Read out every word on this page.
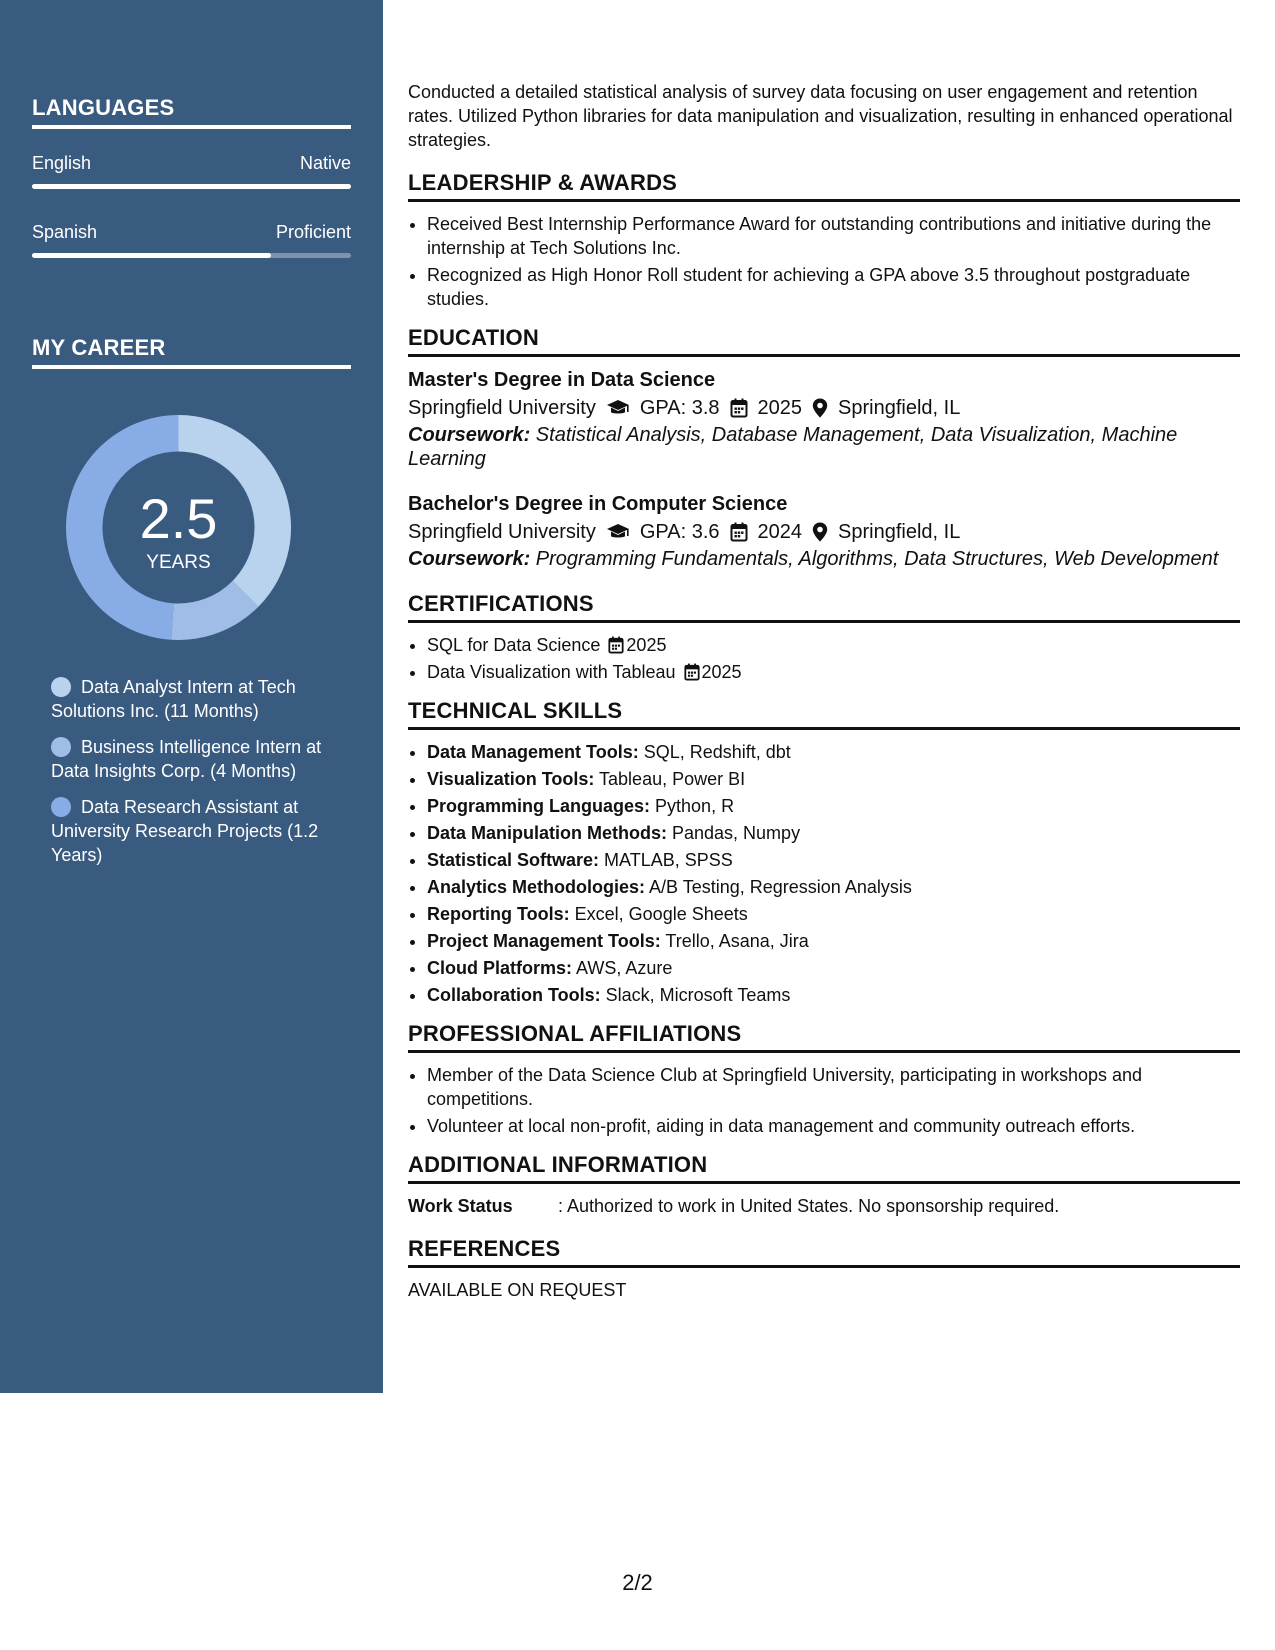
LANGUAGES
English	Native
Spanish	Proficient
MY CAREER
2.5
YEARS
Data Analyst Intern at Tech Solutions Inc. (11 Months)
Business Intelligence Intern at Data Insights Corp. (4 Months)
Data Research Assistant at University Research Projects (1.2 Years)

Conducted a detailed statistical analysis of survey data focusing on user engagement and retention rates. Utilized Python libraries for data manipulation and visualization, resulting in enhanced operational strategies.

LEADERSHIP & AWARDS
• Received Best Internship Performance Award for outstanding contributions and initiative during the internship at Tech Solutions Inc.
• Recognized as High Honor Roll student for achieving a GPA above 3.5 throughout postgraduate studies.
EDUCATION
Master's Degree in Data Science
Springfield University GPA: 3.8 2025 Springfield, IL
Coursework: Statistical Analysis, Database Management, Data Visualization, Machine Learning
Bachelor's Degree in Computer Science
Springfield University GPA: 3.6 2024 Springfield, IL
Coursework: Programming Fundamentals, Algorithms, Data Structures, Web Development
CERTIFICATIONS
• SQL for Data Science 2025
• Data Visualization with Tableau 2025
TECHNICAL SKILLS
• Data Management Tools: SQL, Redshift, dbt
• Visualization Tools: Tableau, Power BI
• Programming Languages: Python, R
• Data Manipulation Methods: Pandas, Numpy
• Statistical Software: MATLAB, SPSS
• Analytics Methodologies: A/B Testing, Regression Analysis
• Reporting Tools: Excel, Google Sheets
• Project Management Tools: Trello, Asana, Jira
• Cloud Platforms: AWS, Azure
• Collaboration Tools: Slack, Microsoft Teams
PROFESSIONAL AFFILIATIONS
• Member of the Data Science Club at Springfield University, participating in workshops and competitions.
• Volunteer at local non-profit, aiding in data management and community outreach efforts.
ADDITIONAL INFORMATION
Work Status	: Authorized to work in United States. No sponsorship required.
REFERENCES
AVAILABLE ON REQUEST
2/2
